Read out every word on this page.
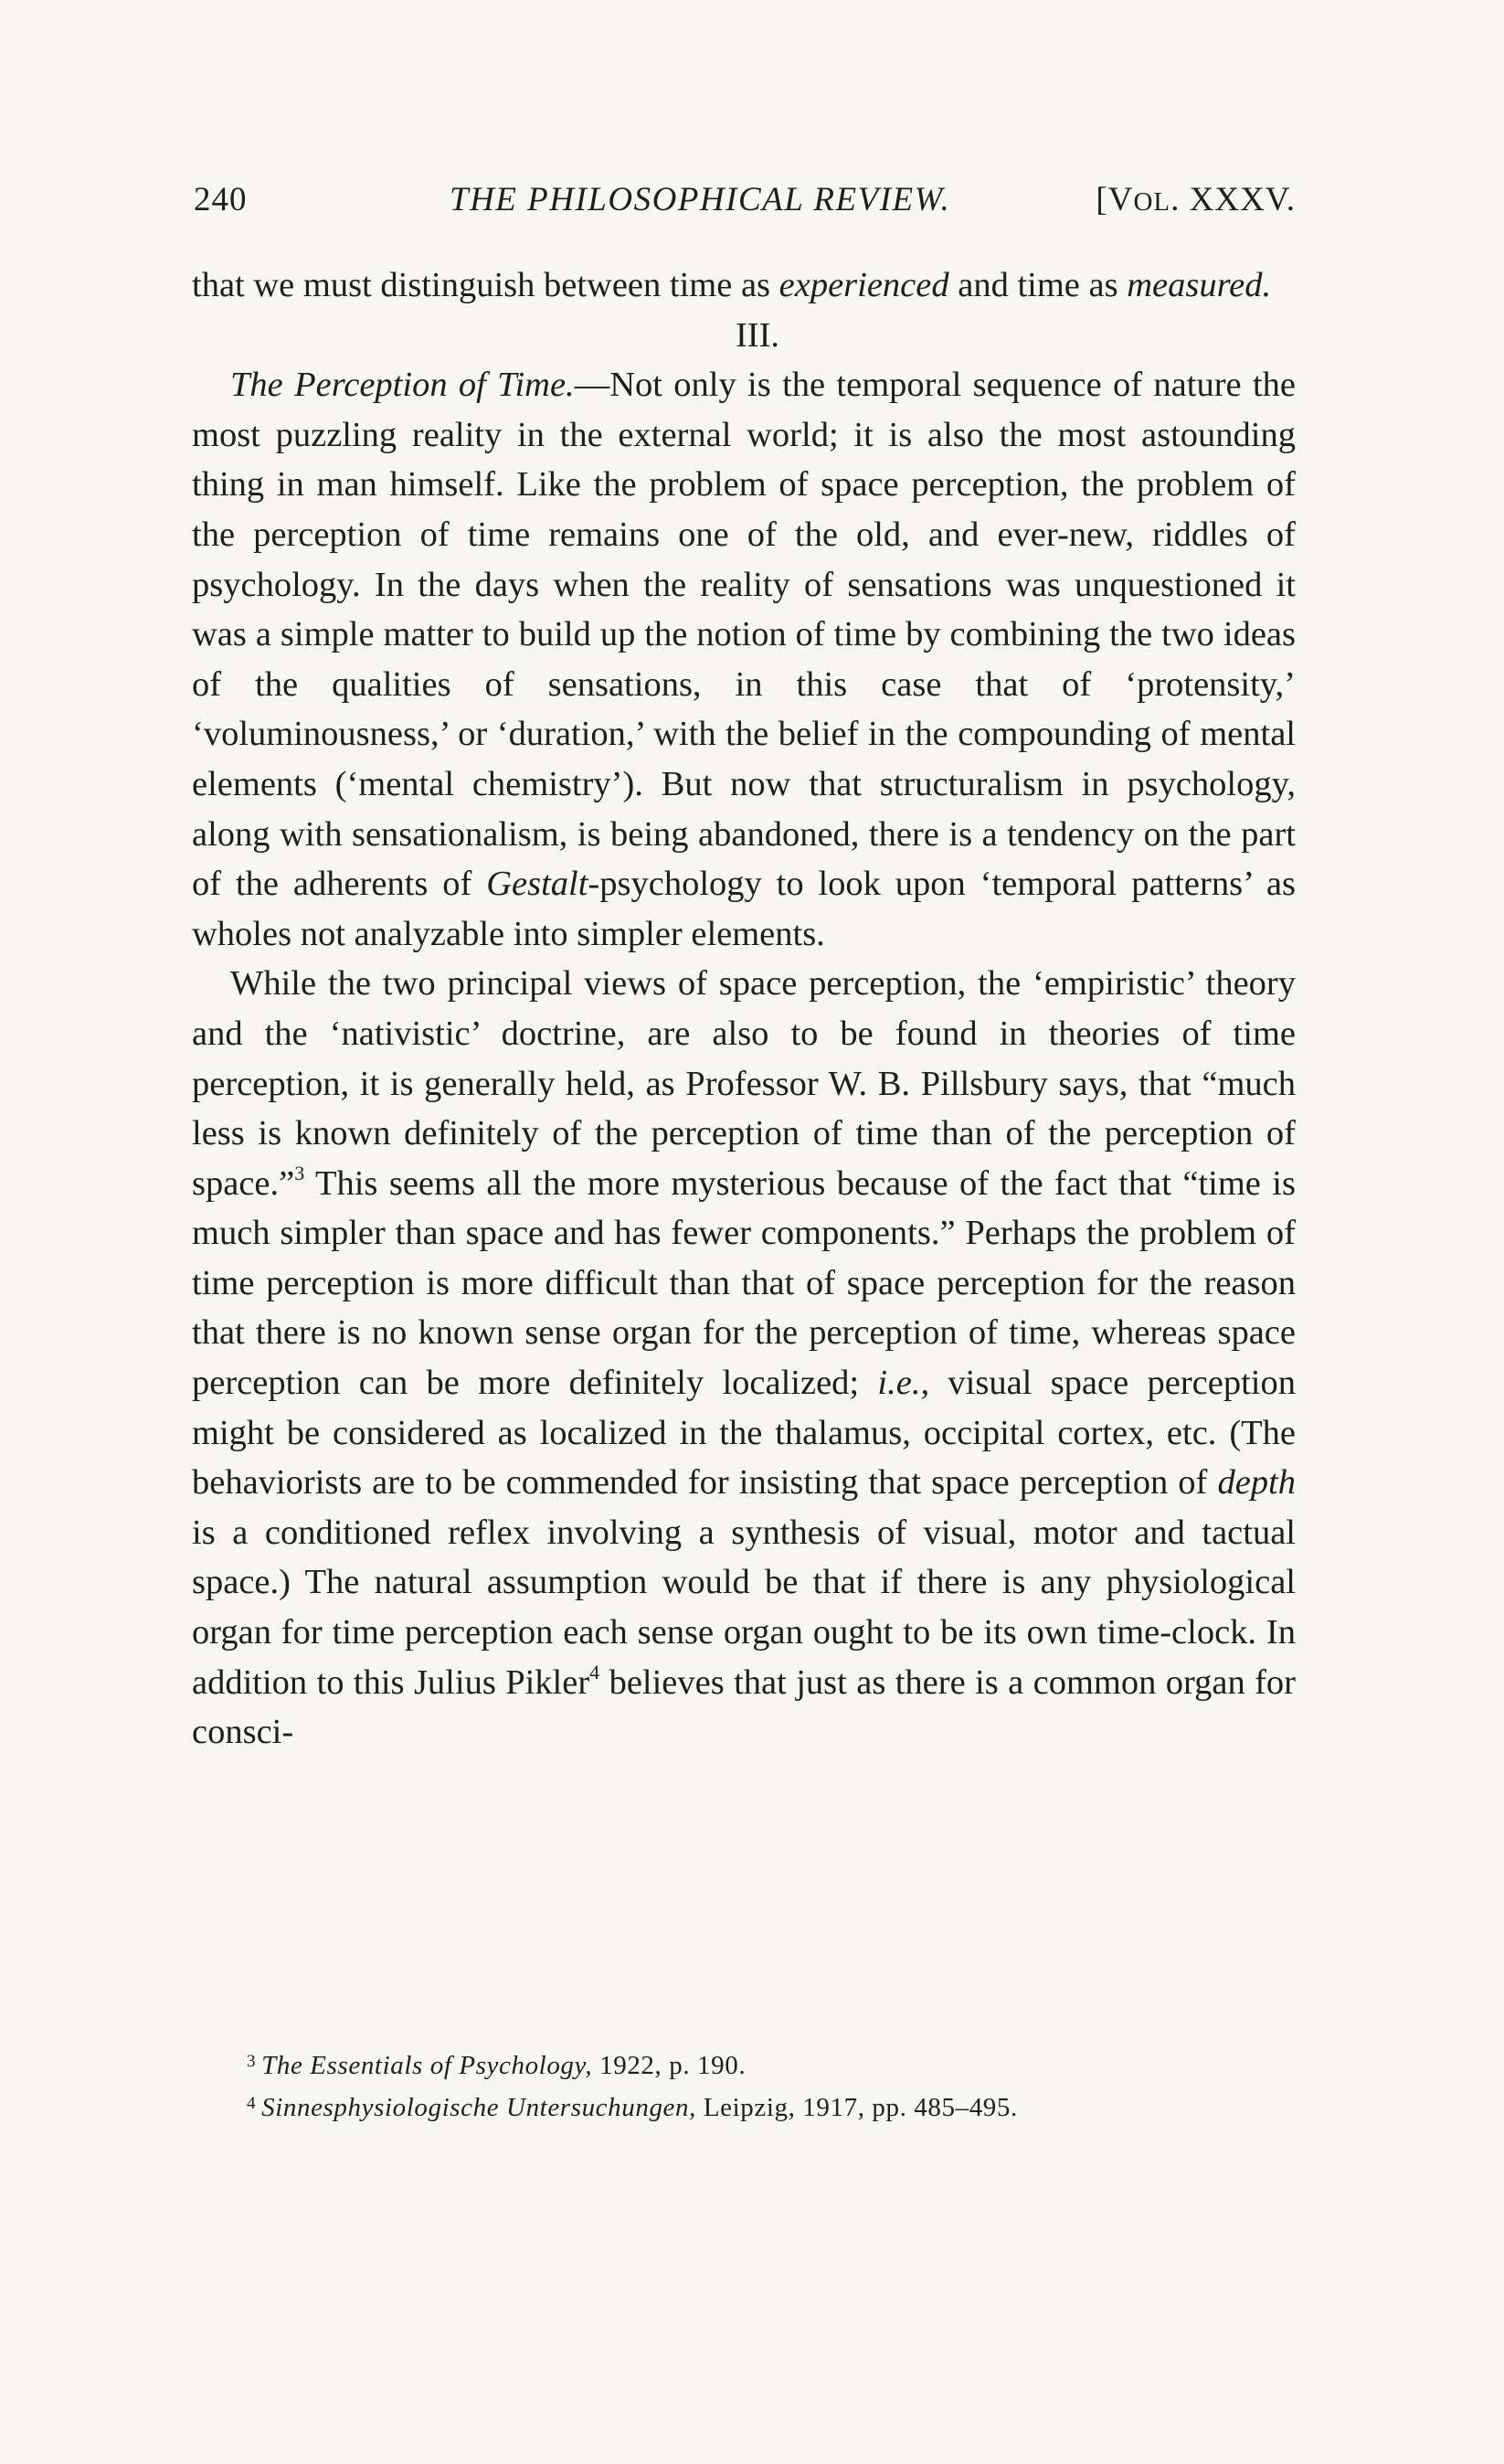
240	THE PHILOSOPHICAL REVIEW.	[VOL. XXXV.

that we must distinguish between time as experienced and time as measured.

III.

The Perception of Time.—Not only is the temporal sequence of nature the most puzzling reality in the external world; it is also the most astounding thing in man himself. Like the problem of space perception, the problem of the perception of time remains one of the old, and ever-new, riddles of psychology. In the days when the reality of sensations was unquestioned it was a simple matter to build up the notion of time by combining the two ideas of the qualities of sensations, in this case that of ‘protensity,’ ‘voluminousness,’ or ‘duration,’ with the belief in the compounding of mental elements (‘mental chemistry’). But now that structuralism in psychology, along with sensationalism, is being abandoned, there is a tendency on the part of the adherents of Gestalt-psychology to look upon ‘temporal patterns’ as wholes not analyzable into simpler elements.

While the two principal views of space perception, the ‘empiristic’ theory and the ‘nativistic’ doctrine, are also to be found in theories of time perception, it is generally held, as Professor W. B. Pillsbury says, that “much less is known definitely of the perception of time than of the perception of space.”$^3$ This seems all the more mysterious because of the fact that “time is much simpler than space and has fewer components.” Perhaps the problem of time perception is more difficult than that of space perception for the reason that there is no known sense organ for the perception of time, whereas space perception can be more definitely localized; i.e., visual space perception might be considered as localized in the thalamus, occipital cortex, etc. (The behaviorists are to be commended for insisting that space perception of depth is a conditioned reflex involving a synthesis of visual, motor and tactual space.) The natural assumption would be that if there is any physiological organ for time perception each sense organ ought to be its own time-clock. In addition to this Julius Pikler$^4$ believes that just as there is a common organ for consci-

$^3$ The Essentials of Psychology, 1922, p. 190.

$^4$ Sinnesphysiologische Untersuchungen, Leipzig, 1917, pp. 485–495.
